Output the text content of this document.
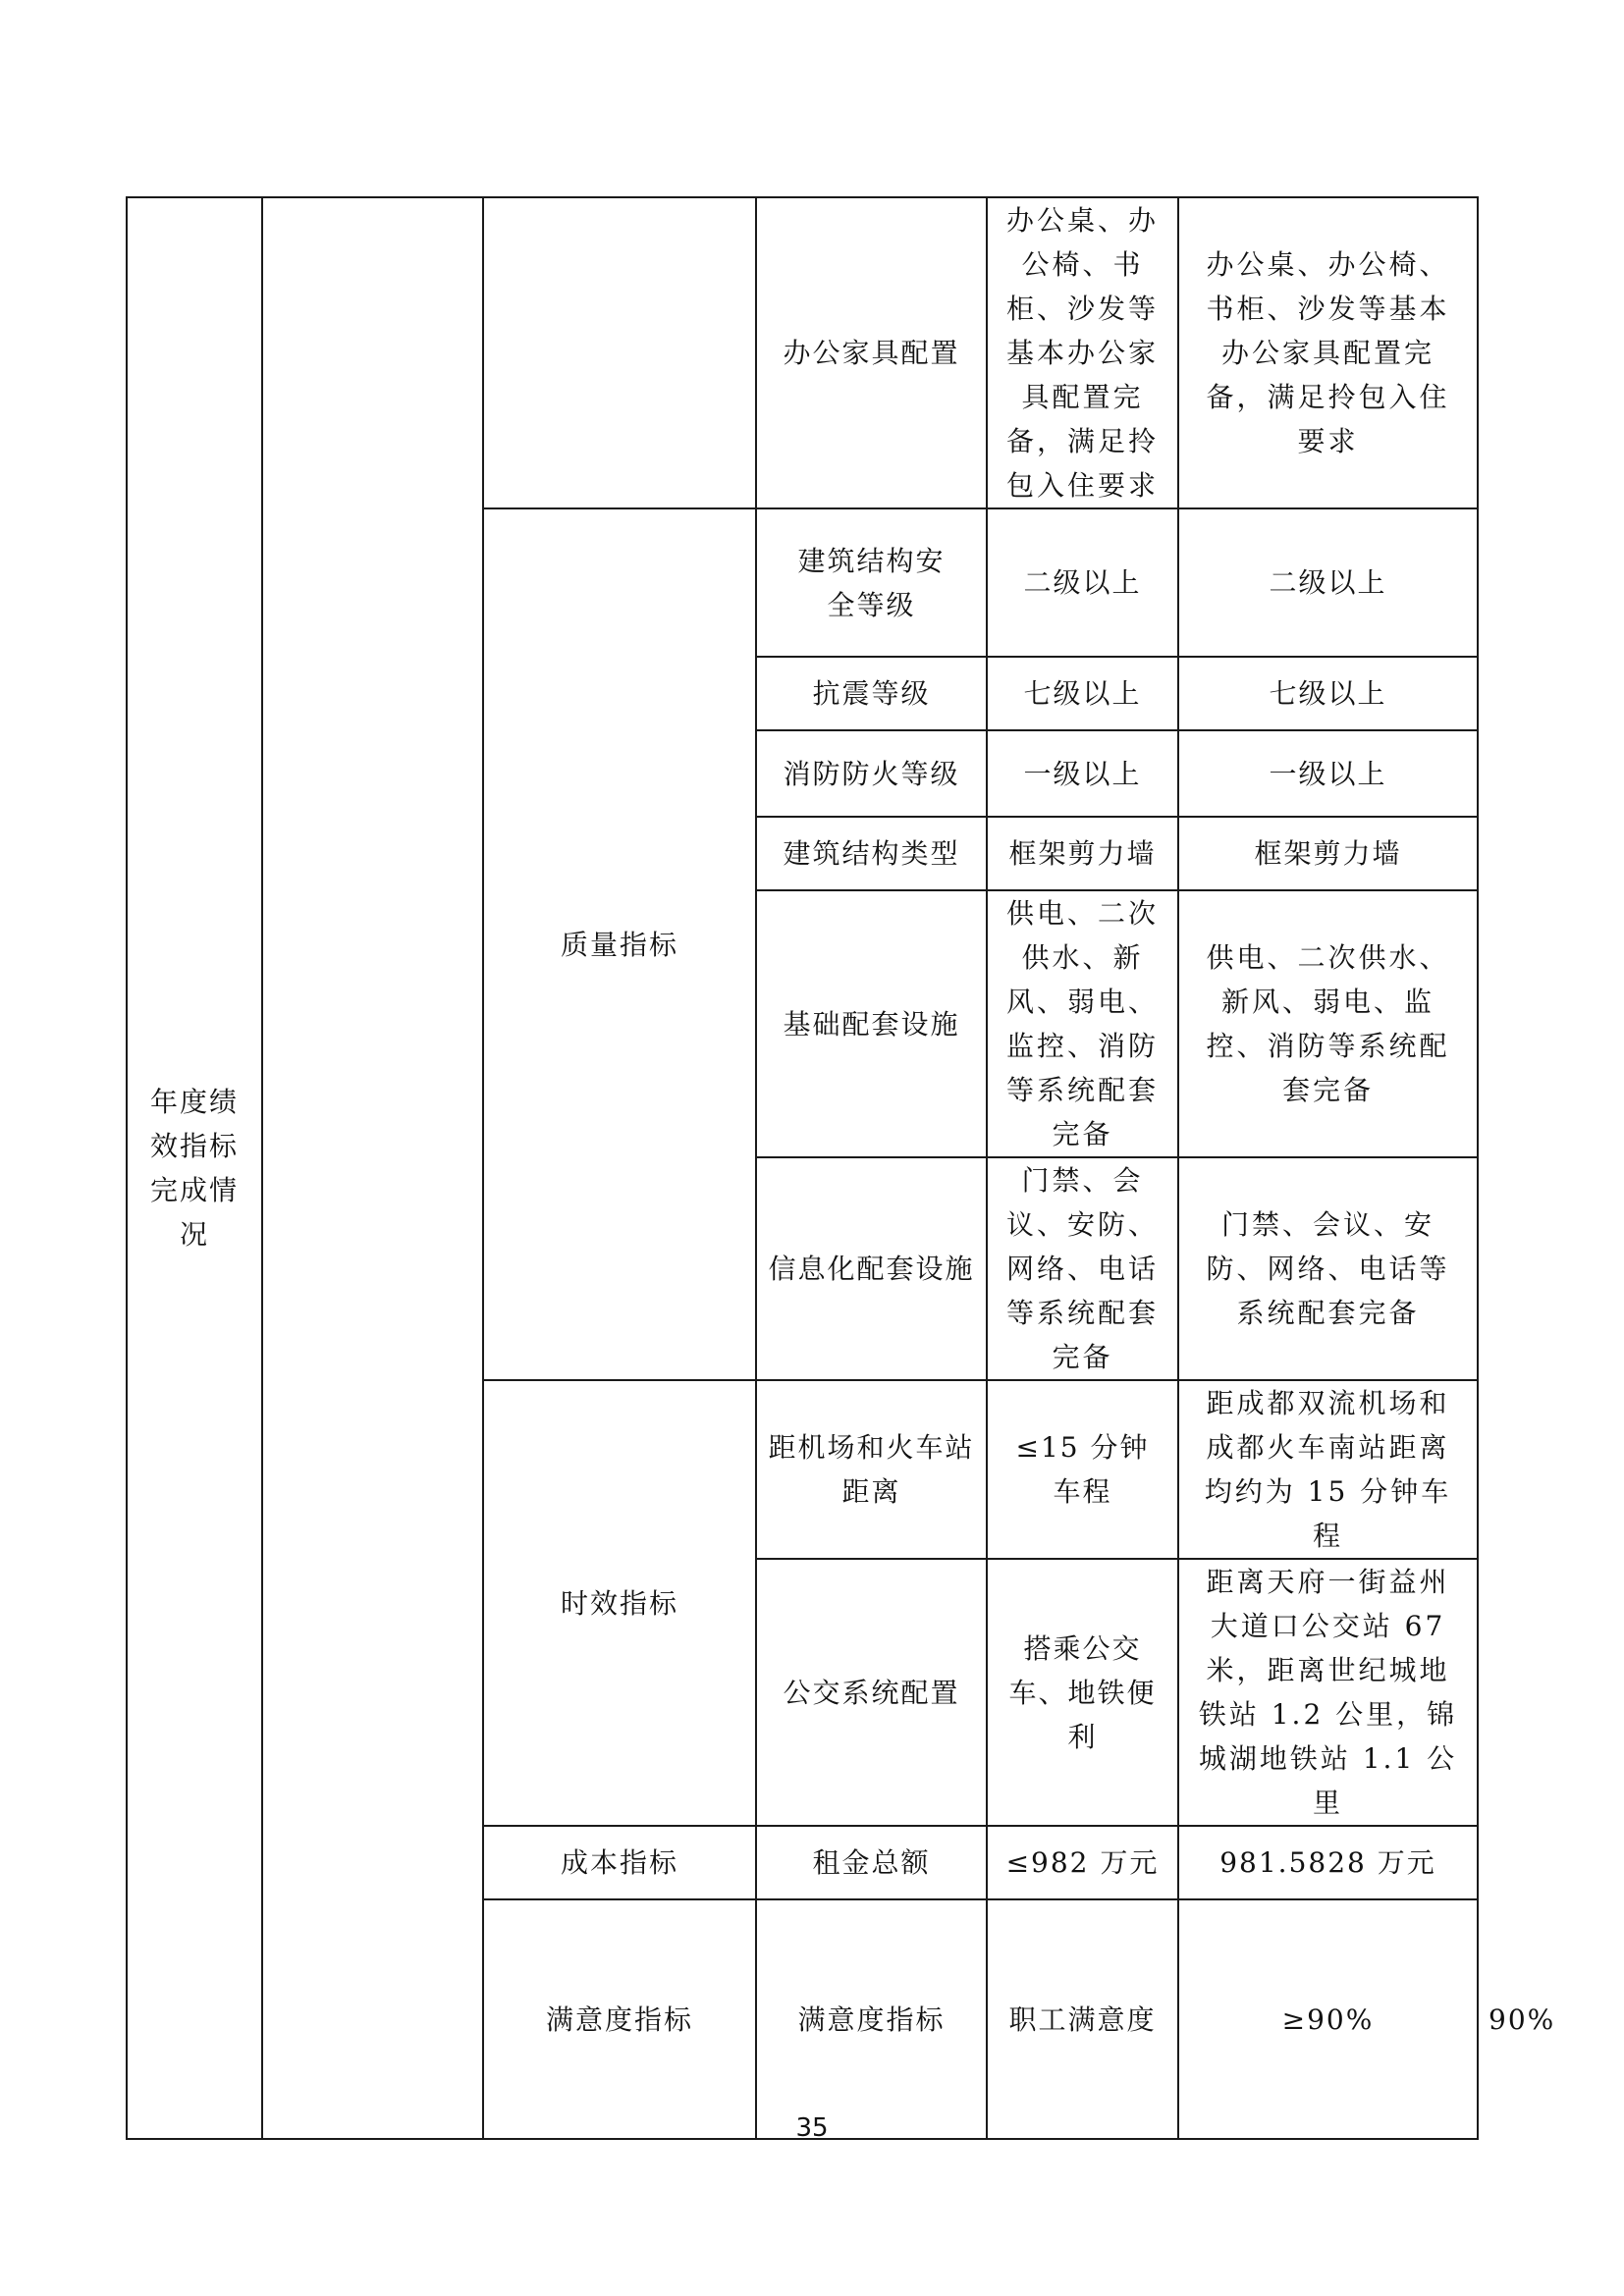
年度绩效指标完成情况			办公家具配置	办公桌、办公椅、书柜、沙发等基本办公家具配置完备，满足拎包入住要求	办公桌、办公椅、书柜、沙发等基本办公家具配置完备，满足拎包入住要求	
		质量指标	建筑结构安全等级	二级以上	二级以上	
			抗震等级	七级以上	七级以上	
			消防防火等级	一级以上	一级以上	
			建筑结构类型	框架剪力墙	框架剪力墙	
			基础配套设施	供电、二次供水、新风、弱电、监控、消防等系统配套完备	供电、二次供水、新风、弱电、监控、消防等系统配套完备	
			信息化配套设施	门禁、会议、安防、网络、电话等系统配套完备	门禁、会议、安防、网络、电话等系统配套完备	
		时效指标	距机场和火车站距离	≤15 分钟车程	距成都双流机场和成都火车南站距离均约为 15 分钟车程	
			公交系统配置	搭乘公交车、地铁便利	距离天府一街益州大道口公交站 67 米，距离世纪城地铁站 1.2 公里，锦城湖地铁站 1.1 公里	
		成本指标	租金总额	≤982 万元	981.5828 万元	
		满意度指标	满意度指标	职工满意度	≥90%	90%
35
